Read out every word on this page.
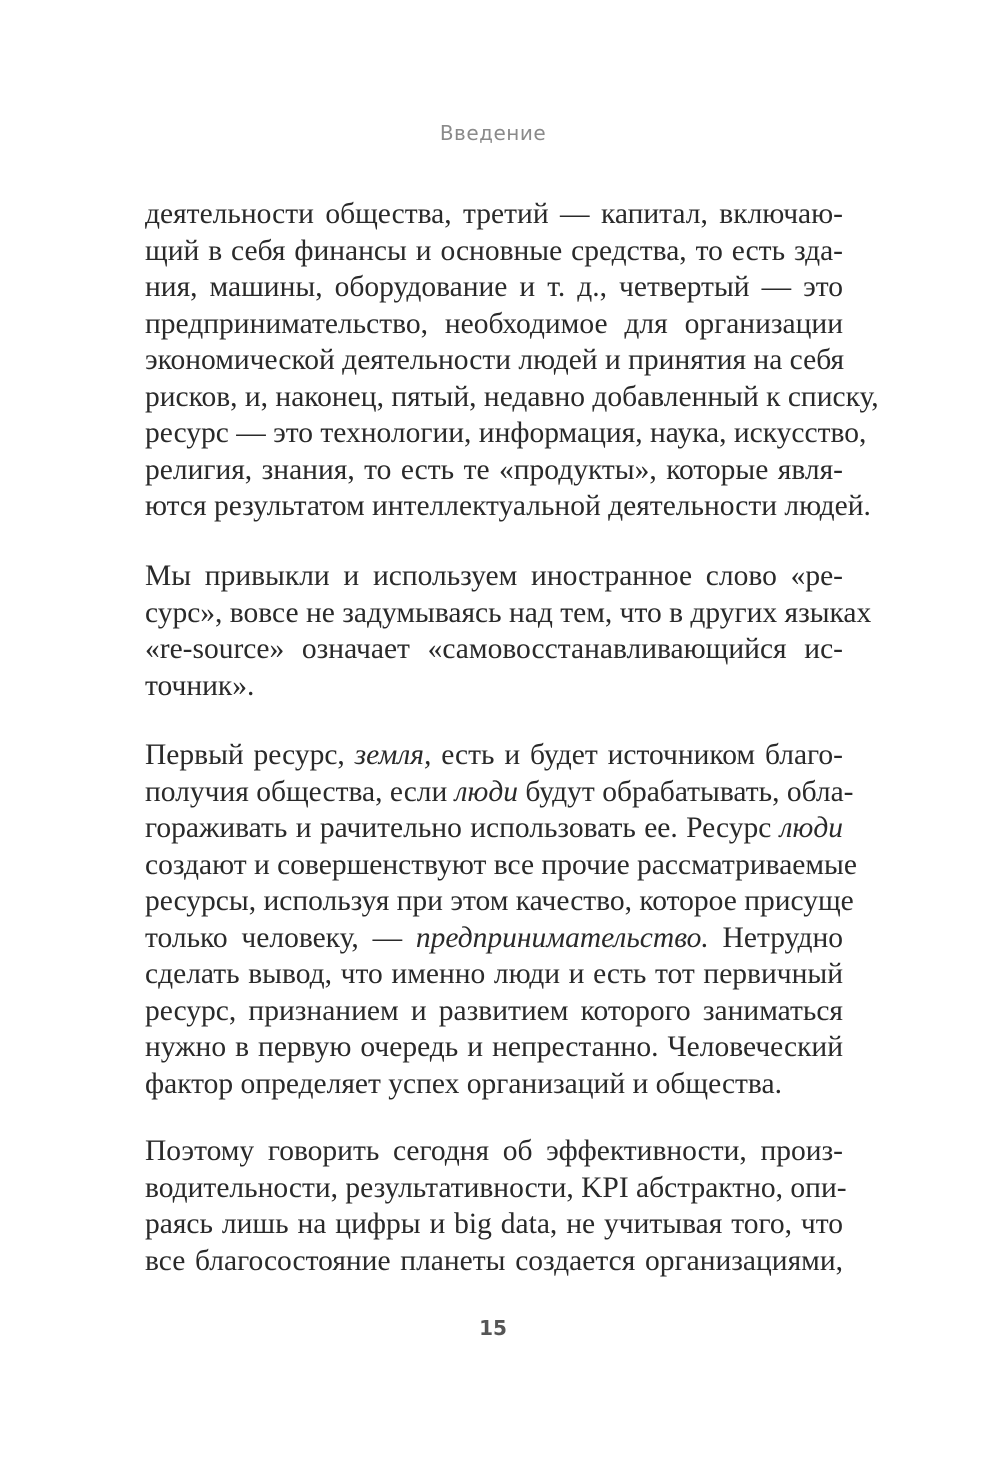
Введение
деятельности общества, третий — капитал, включаю-
щий в себя финансы и основные средства, то есть зда-
ния, машины, оборудование и т. д., четвертый — это
предпринимательство, необходимое для организации
экономической деятельности людей и принятия на себя
рисков, и, наконец, пятый, недавно добавленный к списку,
ресурс — это технологии, информация, наука, искусство,
религия, знания, то есть те «продукты», которые явля-
ются результатом интеллектуальной деятельности людей.
Мы привыкли и используем иностранное слово «ре-
сурс», вовсе не задумываясь над тем, что в других языках
«re-source» означает «самовосстанавливающийся ис-
точник».
Первый ресурс, земля, есть и будет источником благо-
получия общества, если люди будут обрабатывать, обла-
гораживать и рачительно использовать ее. Ресурс люди
создают и совершенствуют все прочие рассматриваемые
ресурсы, используя при этом качество, которое присуще
только человеку, — предпринимательство. Нетрудно
сделать вывод, что именно люди и есть тот первичный
ресурс, признанием и развитием которого заниматься
нужно в первую очередь и непрестанно. Человеческий
фактор определяет успех организаций и общества.
Поэтому говорить сегодня об эффективности, произ-
водительности, результативности, KPI абстрактно, опи-
раясь лишь на цифры и big data, не учитывая того, что
все благосостояние планеты создается организациями,
15
